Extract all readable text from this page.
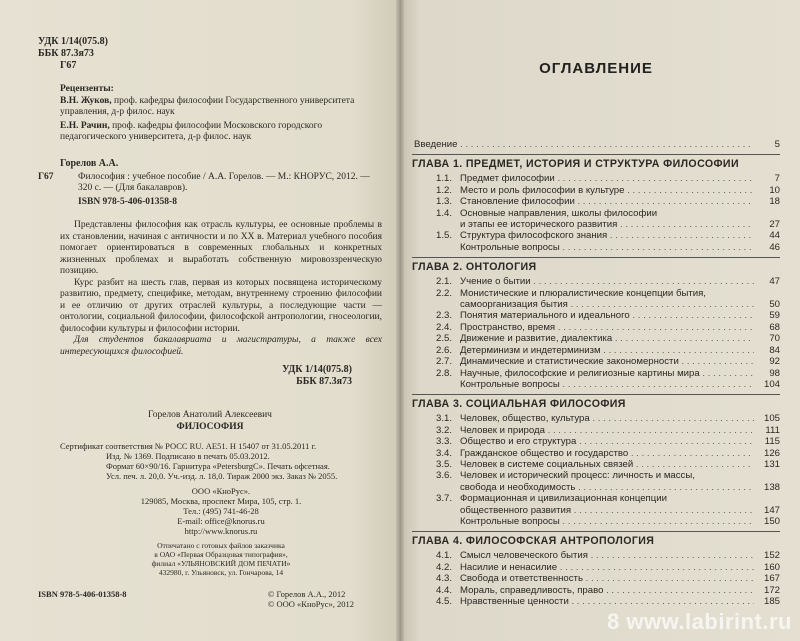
УДК 1/14(075.8)
ББК 87.3я73
Г67
Рецензенты:
В.Н. Жуков, проф. кафедры философии Государственного университета управления, д-р филос. наук
Е.Н. Рачин, проф. кафедры философии Московского городского педагогического университета, д-р филос. наук
Горелов А.А.
Г67	Философия : учебное пособие / А.А. Горелов. — М.: КНОРУС, 2012. — 320 с. — (Для бакалавров).
ISBN 978-5-406-01358-8

Представлены философия как отрасль культуры, ее основные проблемы в их становлении, начиная с античности и по XX в. Материал учебного пособия помогает ориентироваться в современных глобальных и конкретных жизненных проблемах и выработать собственную мировоззренческую позицию.

Курс разбит на шесть глав, первая из которых посвящена историческому развитию, предмету, специфике, методам, внутреннему строению философии и ее отличию от других отраслей культуры, а последующие части — онтологии, социальной философии, философской антропологии, гносеологии, философии культуры и философии истории.

Для студентов бакалавриата и магистратуры, а также всех интересующихся философией.

УДК 1/14(075.8)
ББК 87.3я73
Горелов Анатолий Алексеевич
ФИЛОСОФИЯ
Сертификат соответствия № РОСС RU. АЕ51. Н 15407 от 31.05.2011 г.
Изд. № 1369. Подписано в печать 05.03.2012.
Формат 60×90/16. Гарнитура «PetersburgC». Печать офсетная.
Усл. печ. л. 20,0. Уч.-изд. л. 18,0. Тираж 2000 экз. Заказ № 2055.
ООО «КноРус».
129085, Москва, проспект Мира, 105, стр. 1.
Тел.: (495) 741-46-28
E-mail: office@knorus.ru
http://www.knorus.ru
Отпечатано с готовых файлов заказчика
в ОАО «Первая Образцовая типография»,
филиал «УЛЬЯНОВСКИЙ ДОМ ПЕЧАТИ»
432980, г. Ульяновск, ул. Гончарова, 14
ISBN 978-5-406-01358-8	© Горелов А.А., 2012
© ООО «КноРус», 2012
ОГЛАВЛЕНИЕ
Введение . . .	5
ГЛАВА 1. ПРЕДМЕТ, ИСТОРИЯ И СТРУКТУРА ФИЛОСОФИИ
1.1. Предмет философии . . .	7
1.2. Место и роль философии в культуре . . .	10
1.3. Становление философии . . .	18
1.4. Основные направления, школы философии
и этапы ее исторического развития . . .	27
1.5. Структура философского знания . . .	44
Контрольные вопросы . . .	46
ГЛАВА 2. ОНТОЛОГИЯ
2.1. Учение о бытии . . .	47
2.2. Монистические и плюралистические концепции бытия,
самоорганизация бытия . . .	50
2.3. Понятия материального и идеального . . .	59
2.4. Пространство, время . . .	68
2.5. Движение и развитие, диалектика . . .	70
2.6. Детерминизм и индетерминизм . . .	84
2.7. Динамические и статистические закономерности . . .	92
2.8. Научные, философские и религиозные картины мира . . .	98
Контрольные вопросы . . .	104
ГЛАВА 3. СОЦИАЛЬНАЯ ФИЛОСОФИЯ
3.1. Человек, общество, культура . . .	105
3.2. Человек и природа . . .	111
3.3. Общество и его структура . . .	115
3.4. Гражданское общество и государство . . .	126
3.5. Человек в системе социальных связей . . .	131
3.6. Человек и исторический процесс: личность и массы,
свобода и необходимость . . .	138
3.7. Формационная и цивилизационная концепции
общественного развития . . .	147
Контрольные вопросы . . .	150
ГЛАВА 4. ФИЛОСОФСКАЯ АНТРОПОЛОГИЯ
4.1. Смысл человеческого бытия . . .	152
4.2. Насилие и ненасилие . . .	160
4.3. Свобода и ответственность . . .	167
4.4. Мораль, справедливость, право . . .	172
4.5. Нравственные ценности . . .	185
8 www.labirint.ru
